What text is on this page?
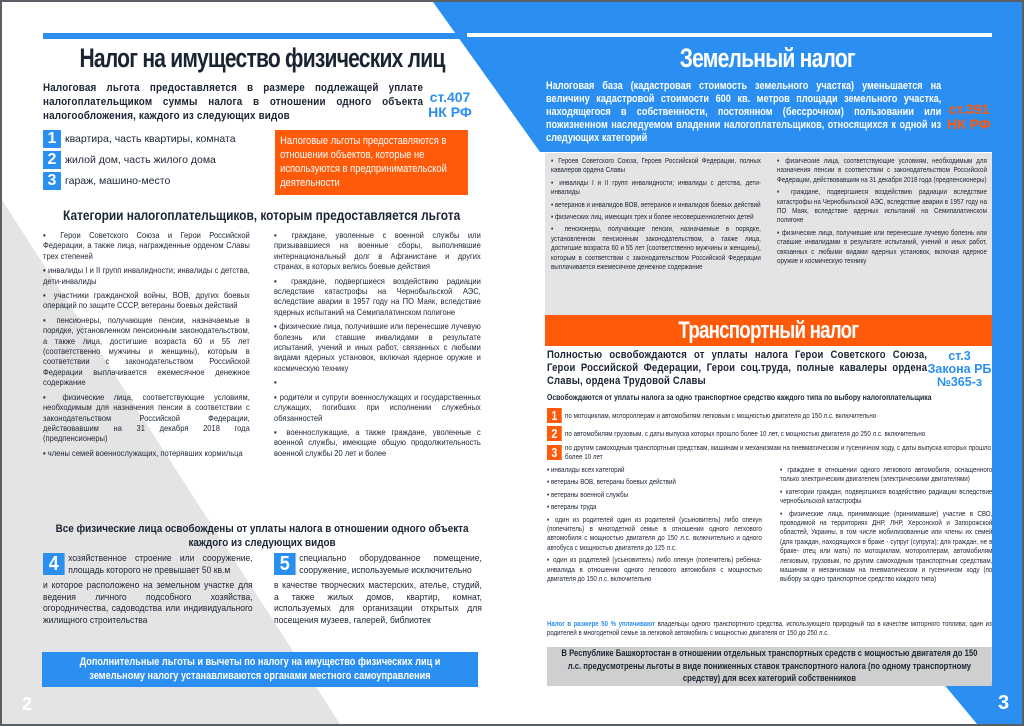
Налог на имущество физических лиц
Налоговая льгота предоставляется в размере подлежащей уплате налогоплательщиком суммы налога в отношении одного объекта налогообложения, каждого из следующих видов
ст.407
НК РФ
1 квартира, часть квартиры, комната
2 жилой дом, часть жилого дома
3 гараж, машино-место
Налоговые льготы предоставляются в отношении объектов, которые не используются в предпринимательской деятельности
Категории налогоплательщиков, которым предоставляется льгота

▪ Герои Советского Союза и Герои Российской Федерации, а также лица, награжденные орденом Славы трех степеней

▪ инвалиды I и II групп инвалидности; инвалиды с детства, дети-инвалиды

▪ участники гражданской войны, ВОВ, других боевых операций по защите СССР, ветераны боевых действий

▪ пенсионеры, получающие пенсии, назначаемые в порядке, установленном пенсионным законодательством, а также лица, достигшие возраста 60 и 55 лет (соответственно мужчины и женщины), которым в соответствии с законодательством Российской Федерации выплачивается ежемесячное денежное содержание

▪ физические лица, соответствующие условиям, необходимым для назначения пенсии в соответствии с законодательством Российской Федерации, действовавшим на 31 декабря 2018 года (предпенсионеры)

▪ члены семей военнослужащих, потерявших кормильца

▪ граждане, уволенные с военной службы или призывавшиеся на военные сборы, выполнявшие интернациональный долг в Афганистане и других странах, в которых велись боевые действия

▪ граждане, подвергшиеся воздействию радиации вследствие катастрофы на Чернобыльской АЭС, вследствие аварии в 1957 году на ПО Маяк, вследствие ядерных испытаний на Семипалатинском полигоне

▪ физические лица, получившие или перенесшие лучевую болезнь или ставшие инвалидами в результате испытаний, учений и иных работ, связанных с любыми видами ядерных установок, включая ядерное оружие и космическую технику

▪

▪ родители и супруги военнослужащих и государственных служащих, погибших при исполнении служебных обязанностей

▪ военнослужащие, а также граждане, уволенные с военной службы, имеющие общую продолжительность военной службы 20 лет и более

Все физические лица освобождены от уплаты налога в отношении одного объекта каждого из следующих видов
4 хозяйственное строение или сооружение, площадь которого не превышает 50 кв.м
и которое расположено на земельном участке для ведения личного подсобного хозяйства, огородничества, садоводства или индивидуального жилищного строительства
5 специально оборудованное помещение, сооружение, используемые исключительно
в качестве творческих мастерских, ателье, студий, а также жилых домов, квартир, комнат, используемых для организации открытых для посещения музеев, галерей, библиотек
Дополнительные льготы и вычеты по налогу на имущество физических лиц и земельному налогу устанавливаются органами местного самоуправления
2
Земельный налог
Налоговая база (кадастровая стоимость земельного участка) уменьшается на величину кадастровой стоимости 600 кв. метров площади земельного участка, находящегося в собственности, постоянном (бессрочном) пользовании или пожизненном наследуемом владении налогоплательщиков, относящихся к одной из следующих категорий
ст.391
НК РФ

▪ Героев Советского Союза, Героев Российской Федерации, полных кавалеров ордена Славы

▪ инвалиды I и II групп инвалидности; инвалиды с детства, дети-инвалиды

▪ ветеранов и инвалидов ВОВ, ветеранов и инвалидов боевых действий

▪ физических лиц, имеющих трех и более несовершеннолетних детей

▪ пенсионеры, получающие пенсии, назначаемые в порядке, установленном пенсионным законодательством, а также лица, достигшие возраста 60 и 55 лет (соответственно мужчины и женщины), которым в соответствии с законодательством Российской Федерации выплачивается ежемесячное денежное содержание

▪ физические лица, соответствующие условиям, необходимым для назначения пенсии в соответствии с законодательством Российской Федерации, действовавшим на 31 декабря 2018 года (предпенсионеры)

▪ граждане, подвергшиеся воздействию радиации вследствие катастрофы на Чернобыльской АЭС, вследствие аварии в 1957 году на ПО Маяк, вследствие ядерных испытаний на Семипалатинском полигоне

▪ физические лица, получившие или перенесшие лучевую болезнь или ставшие инвалидами в результате испытаний, учений и иных работ, связанных с любыми видами ядерных установок, включая ядерное оружие и космическую технику

Транспортный налог
Полностью освобождаются от уплаты налога Герои Советского Союза, Герои Российской Федерации, Герои соц.труда, полные кавалеры ордена Славы, ордена Трудовой Славы
ст.3
Закона РБ
№365-з
Освобождаются от уплаты налога за одно транспортное средство каждого типа по выбору налогоплательщика
1	по мотоциклам, мотороллерам и автомобилям легковым с мощностью двигателя до 150 л.с. включительно
2	по автомобилям грузовым, с даты выпуска которых прошло более 10 лет, с мощностью двигателя до 250 л.с. включительно
3	по другим самоходным транспортным средствам, машинам и механизмам на пневматическом и гусеничном ходу, с даты выпуска которых прошло более 10 лет

▪ инвалиды всех категорий

▪ ветераны ВОВ, ветераны боевых действий

▪ ветераны военной службы

▪ ветераны труда

▪ один из родителей один из родителей (усыновитель) либо опекун (попечитель) в многодетной семье в отношении одного легкового автомобиля с мощностью двигателя до 150 л.с. включительно и одного автобуса с мощностью двигателя до 125 л.с.

▪ один из родителей (усыновитель) либо опекун (попечитель) ребенка-инвалида в отношении одного легкового автомобиля с мощностью двигателя до 150 л.с. включительно

▪ граждане в отношении одного легкового автомобиля, оснащенного только электрическим двигателем (электрическими двигателями)

▪ категории граждан, подвергшихся воздействию радиации вследствие чернобыльской катастрофы

▪ физические лица, принимающие (принимавшие) участие в СВО, проводимой на территориях ДНР, ЛНР, Херсонской и Запорожской областей, Украины, в том числе мобилизованные или члены их семей (для граждан, находящихся в браке - супруг (супруга); для граждан, не в браке- отец или мать) по мотоциклам, мотороллерам, автомобилям легковым, грузовым, по другим самоходным транспортным средствам, машинам и механизмам на пневматическом и гусеничном ходу (по выбору за одно транспортное средство каждого типа)

Налог в размере 50 % уплачивают владельцы одного транспортного средства, использующего природный газ в качестве моторного топлива; один из родителей в многодетной семье за легковой автомобиль с мощностью двигателя от 150 до 250 л.с.
В Республике Башкортостан в отношении отдельных транспортных средств с мощностью двигателя до 150 л.с. предусмотрены льготы в виде пониженных ставок транспортного налога (по одному транспортному средству) для всех категорий собственников
3
